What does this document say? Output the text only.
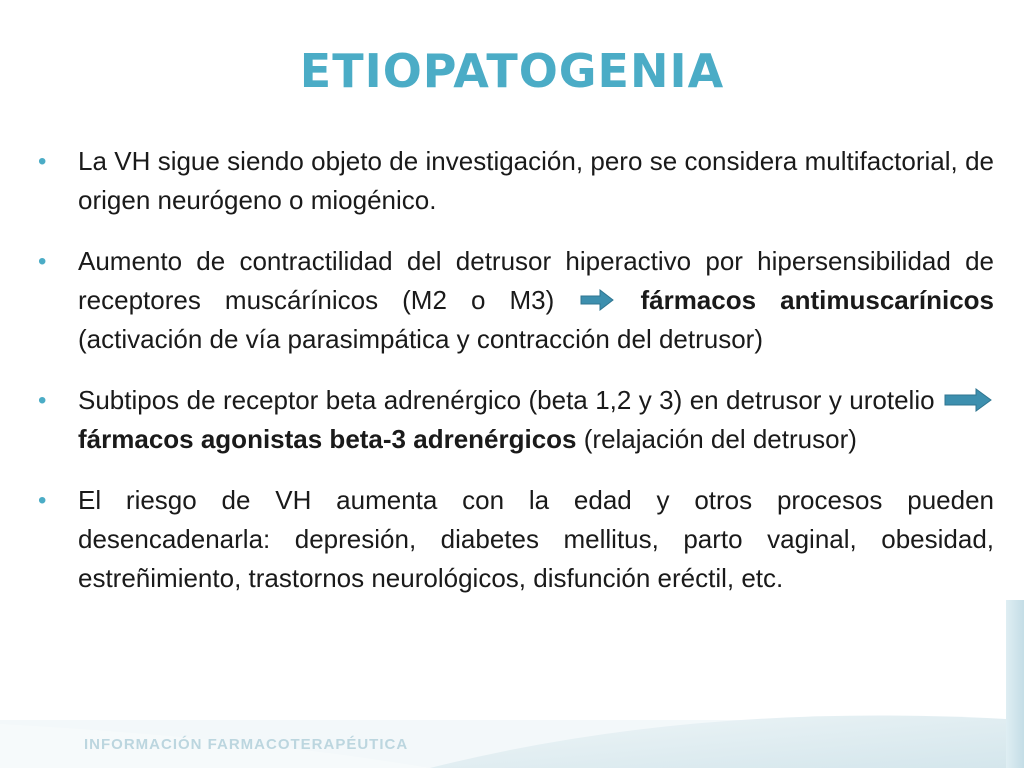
ETIOPATOGENIA
• La VH sigue siendo objeto de investigación, pero se considera multifactorial, de origen neurógeno o miogénico.
• Aumento de contractilidad del detrusor hiperactivo por hipersensibilidad de receptores muscárínicos (M2 o M3)	fármacos antimuscarínicos (activación de vía parasimpática y contracción del detrusor)
• Subtipos de receptor beta adrenérgico (beta 1,2 y 3) en detrusor y urotelio  fármacos agonistas beta-3 adrenérgicos (relajación del detrusor)
• El riesgo de VH aumenta con la edad y otros procesos pueden desencadenarla: depresión, diabetes mellitus, parto vaginal, obesidad, estreñimiento, trastornos neurológicos, disfunción eréctil, etc.
INFORMACIÓN FARMACOTERAPÉUTICA
